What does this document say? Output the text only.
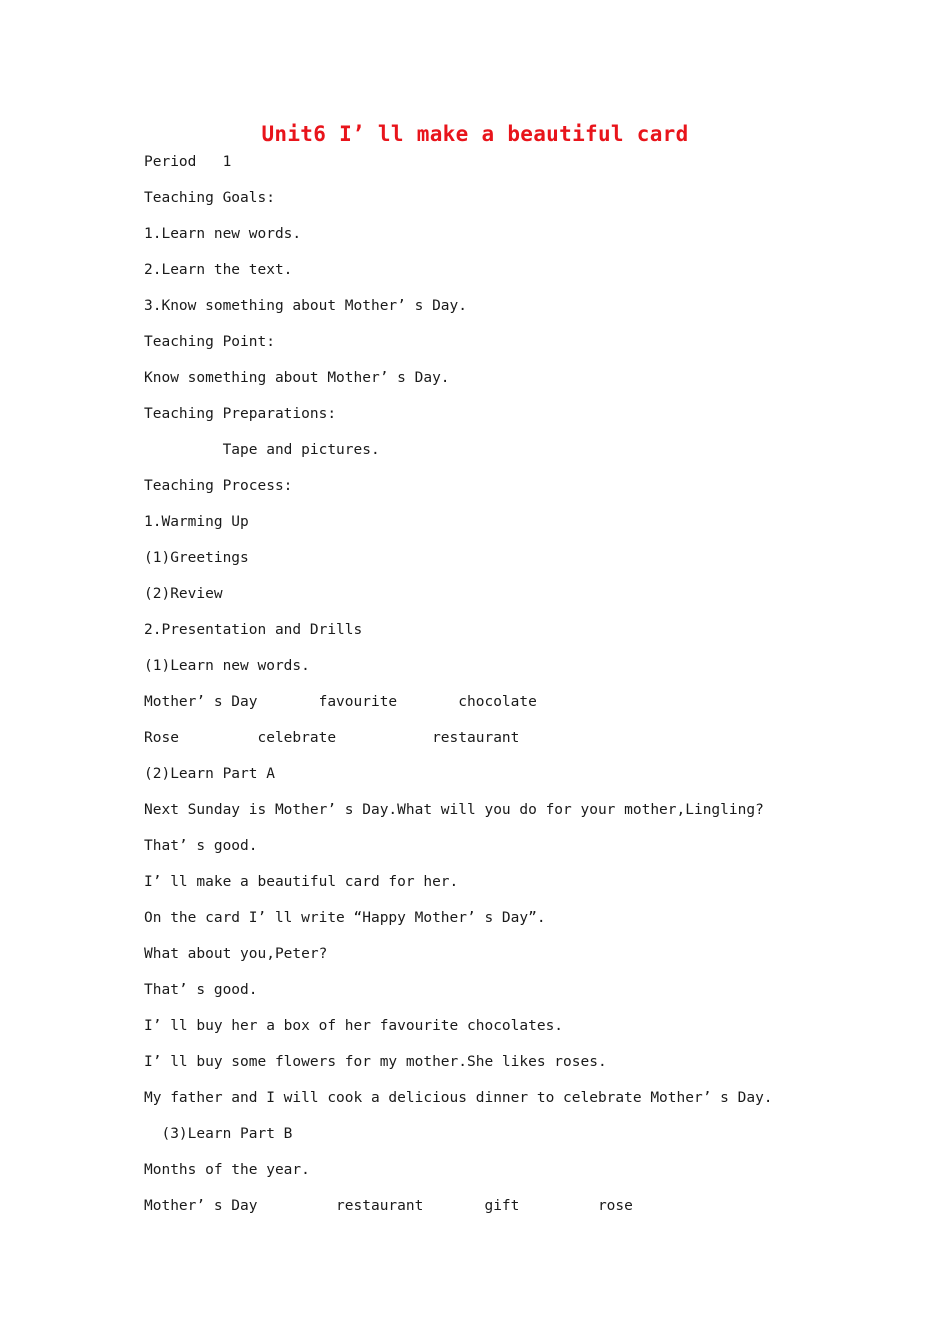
Unit6 I’ ll make a beautiful card
Period   1
Teaching Goals:
1.Learn new words.
2.Learn the text.
3.Know something about Mother’ s Day.
Teaching Point:
Know something about Mother’ s Day.
Teaching Preparations:
Tape and pictures.
Teaching Process:
1.Warming Up
(1)Greetings
(2)Review
2.Presentation and Drills
(1)Learn new words.
Mother’ s Day       favourite       chocolate
Rose         celebrate           restaurant
(2)Learn Part A
Next Sunday is Mother’ s Day.What will you do for your mother,Lingling?
That’ s good.
I’ ll make a beautiful card for her.
On the card I’ ll write “Happy Mother’ s Day”.
What about you,Peter?
That’ s good.
I’ ll buy her a box of her favourite chocolates.
I’ ll buy some flowers for my mother.She likes roses.
My father and I will cook a delicious dinner to celebrate Mother’ s Day.
(3)Learn Part B
Months of the year.
Mother’ s Day         restaurant       gift         rose
